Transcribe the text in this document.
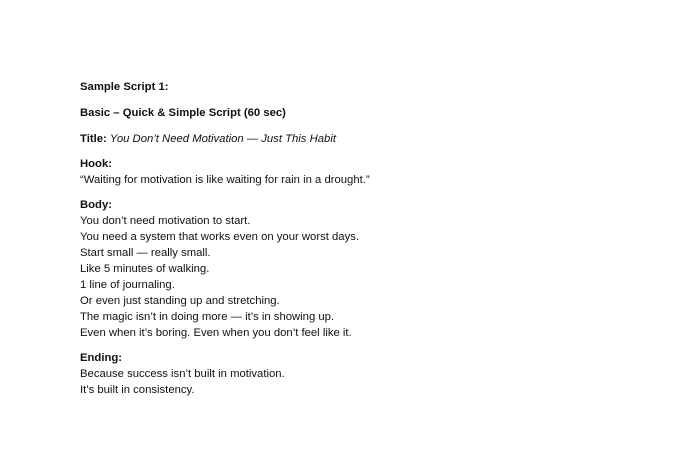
Sample Script 1:
Basic – Quick & Simple Script (60 sec)
Title: You Don’t Need Motivation — Just This Habit
Hook:
“Waiting for motivation is like waiting for rain in a drought.”
Body:
You don’t need motivation to start.
You need a system that works even on your worst days.
Start small — really small.
Like 5 minutes of walking.
1 line of journaling.
Or even just standing up and stretching.
The magic isn’t in doing more — it’s in showing up.
Even when it’s boring. Even when you don’t feel like it.
Ending:
Because success isn’t built in motivation.
It’s built in consistency.
